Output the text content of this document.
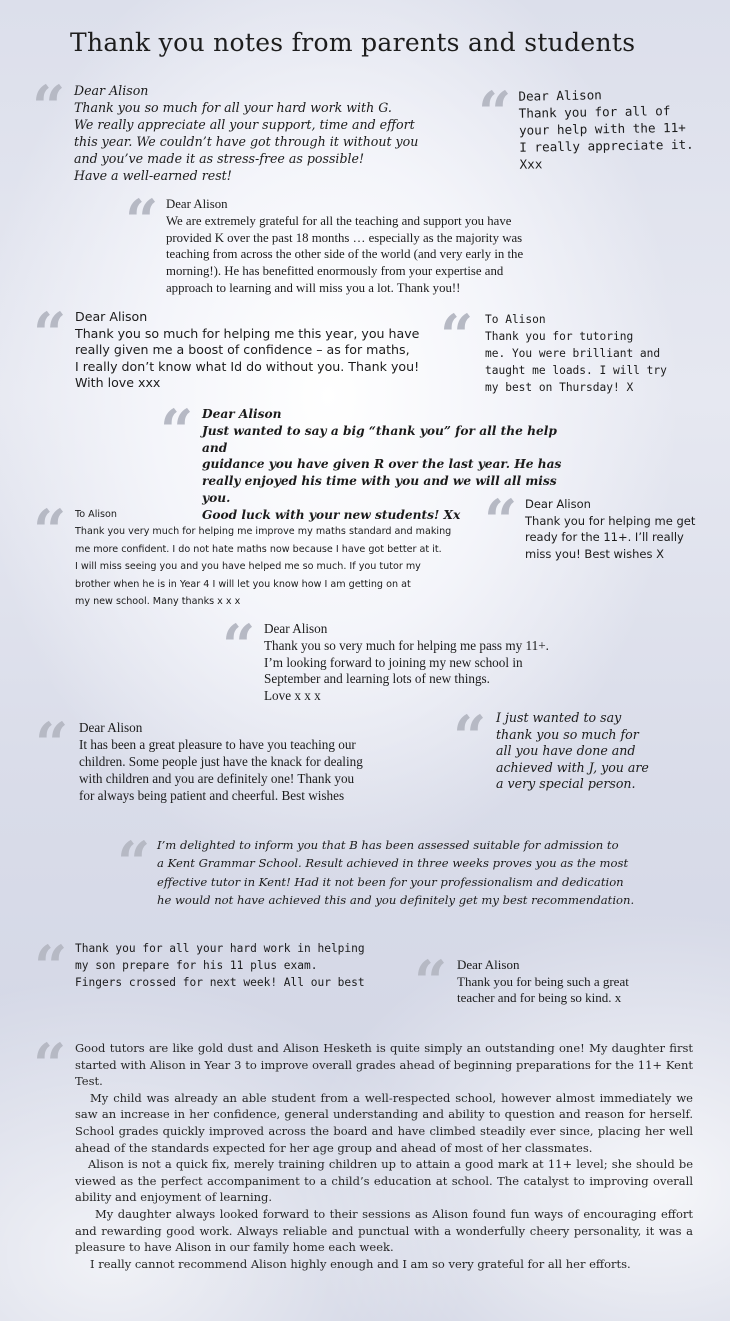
Thank you notes from parents and students
“ Dear Alison
Thank you so much for all your hard work with G.
We really appreciate all your support, time and effort
this year. We couldn’t have got through it without you
and you’ve made it as stress-free as possible!
Have a well-earned rest!
“ Dear Alison
Thank you for all of
your help with the 11+
I really appreciate it.
Xxx
“ Dear Alison
We are extremely grateful for all the teaching and support you have
provided K over the past 18 months … especially as the majority was
teaching from across the other side of the world (and very early in the
morning!). He has benefitted enormously from your expertise and
approach to learning and will miss you a lot. Thank you!!
“ Dear Alison
Thank you so much for helping me this year, you have
really given me a boost of confidence – as for maths,
I really don’t know what Id do without you. Thank you!
With love xxx
“ To Alison
Thank you for tutoring
me. You were brilliant and
taught me loads. I will try
my best on Thursday! X
“ Dear Alison
Just wanted to say a big “thank you” for all the help and
guidance you have given R over the last year. He has
really enjoyed his time with you and we will all miss you.
Good luck with your new students! Xx
“ To Alison
Thank you very much for helping me improve my maths standard and making
me more confident. I do not hate maths now because I have got better at it.
I will miss seeing you and you have helped me so much. If you tutor my
brother when he is in Year 4 I will let you know how I am getting on at
my new school. Many thanks x x x
“ Dear Alison
Thank you for helping me get
ready for the 11+. I’ll really
miss you! Best wishes X
“ Dear Alison
Thank you so very much for helping me pass my 11+.
I’m looking forward to joining my new school in
September and learning lots of new things.
Love x x x
“ Dear Alison
It has been a great pleasure to have you teaching our
children. Some people just have the knack for dealing
with children and you are definitely one! Thank you
for always being patient and cheerful. Best wishes
“ I just wanted to say
thank you so much for
all you have done and
achieved with J, you are
a very special person.
“ I’m delighted to inform you that B has been assessed suitable for admission to
a Kent Grammar School. Result achieved in three weeks proves you as the most
effective tutor in Kent! Had it not been for your professionalism and dedication
he would not have achieved this and you definitely get my best recommendation.
“ Thank you for all your hard work in helping
my son prepare for his 11 plus exam.
Fingers crossed for next week! All our best “ Dear Alison
Thank you for being such a great
teacher and for being so kind. x
“ Good tutors are like gold dust and Alison Hesketh is quite simply an outstanding one! My daughter first started with Alison in Year 3 to improve overall grades ahead of beginning preparations for the 11+ Kent Test.
My child was already an able student from a well-respected school, however almost immediately we saw an increase in her confidence, general understanding and ability to question and reason for herself. School grades quickly improved across the board and have climbed steadily ever since, placing her well ahead of the standards expected for her age group and ahead of most of her classmates.
Alison is not a quick fix, merely training children up to attain a good mark at 11+ level; she should be viewed as the perfect accompaniment to a child’s education at school. The catalyst to improving overall ability and enjoyment of learning.
My daughter always looked forward to their sessions as Alison found fun ways of encouraging effort and rewarding good work. Always reliable and punctual with a wonderfully cheery personality, it was a pleasure to have Alison in our family home each week.
I really cannot recommend Alison highly enough and I am so very grateful for all her efforts.
